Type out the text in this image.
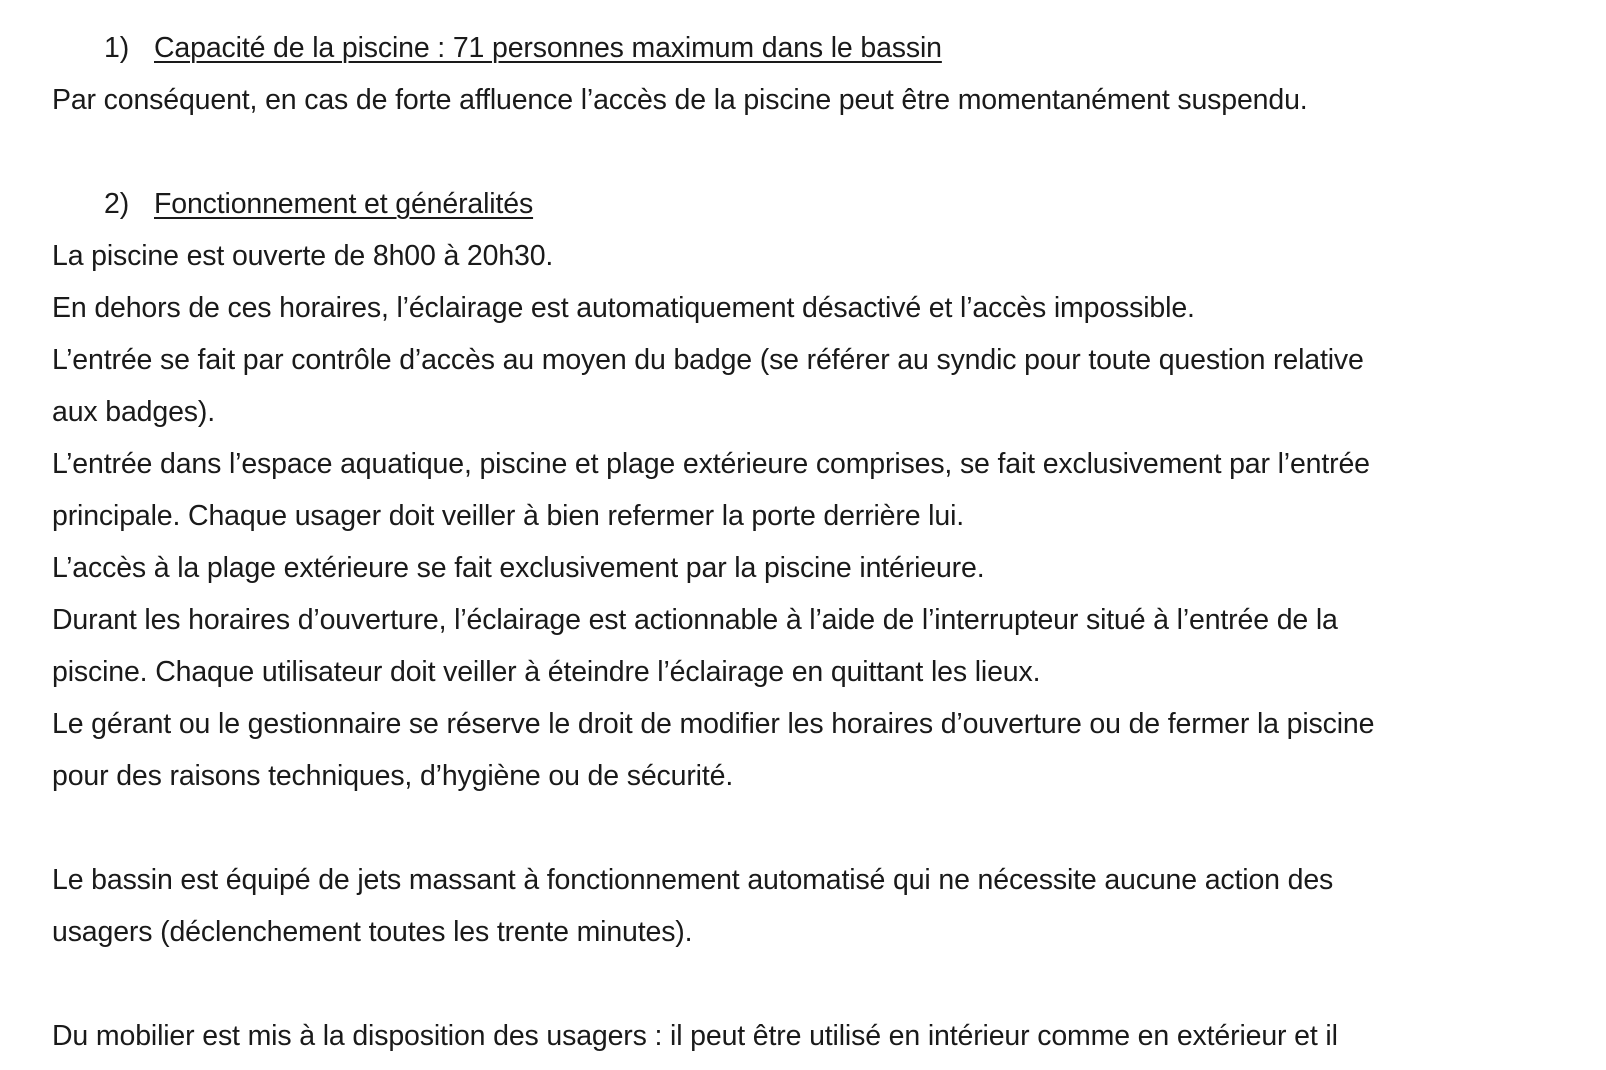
1) Capacité de la piscine : 71 personnes maximum dans le bassin
Par conséquent, en cas de forte affluence l’accès de la piscine peut être momentanément suspendu.
2) Fonctionnement et généralités
La piscine est ouverte de 8h00 à 20h30.
En dehors de ces horaires, l’éclairage est automatiquement désactivé et l’accès impossible.
L’entrée se fait par contrôle d’accès au moyen du badge (se référer au syndic pour toute question relative
aux badges).
L’entrée dans l’espace aquatique, piscine et plage extérieure comprises, se fait exclusivement par l’entrée
principale. Chaque usager doit veiller à bien refermer la porte derrière lui.
L’accès à la plage extérieure se fait exclusivement par la piscine intérieure.
Durant les horaires d’ouverture, l’éclairage est actionnable à l’aide de l’interrupteur situé à l’entrée de la
piscine. Chaque utilisateur doit veiller à éteindre l’éclairage en quittant les lieux.
Le gérant ou le gestionnaire se réserve le droit de modifier les horaires d’ouverture ou de fermer la piscine
pour des raisons techniques, d’hygiène ou de sécurité.
Le bassin est équipé de jets massant à fonctionnement automatisé qui ne nécessite aucune action des
usagers (déclenchement toutes les trente minutes).
Du mobilier est mis à la disposition des usagers : il peut être utilisé en intérieur comme en extérieur et il
